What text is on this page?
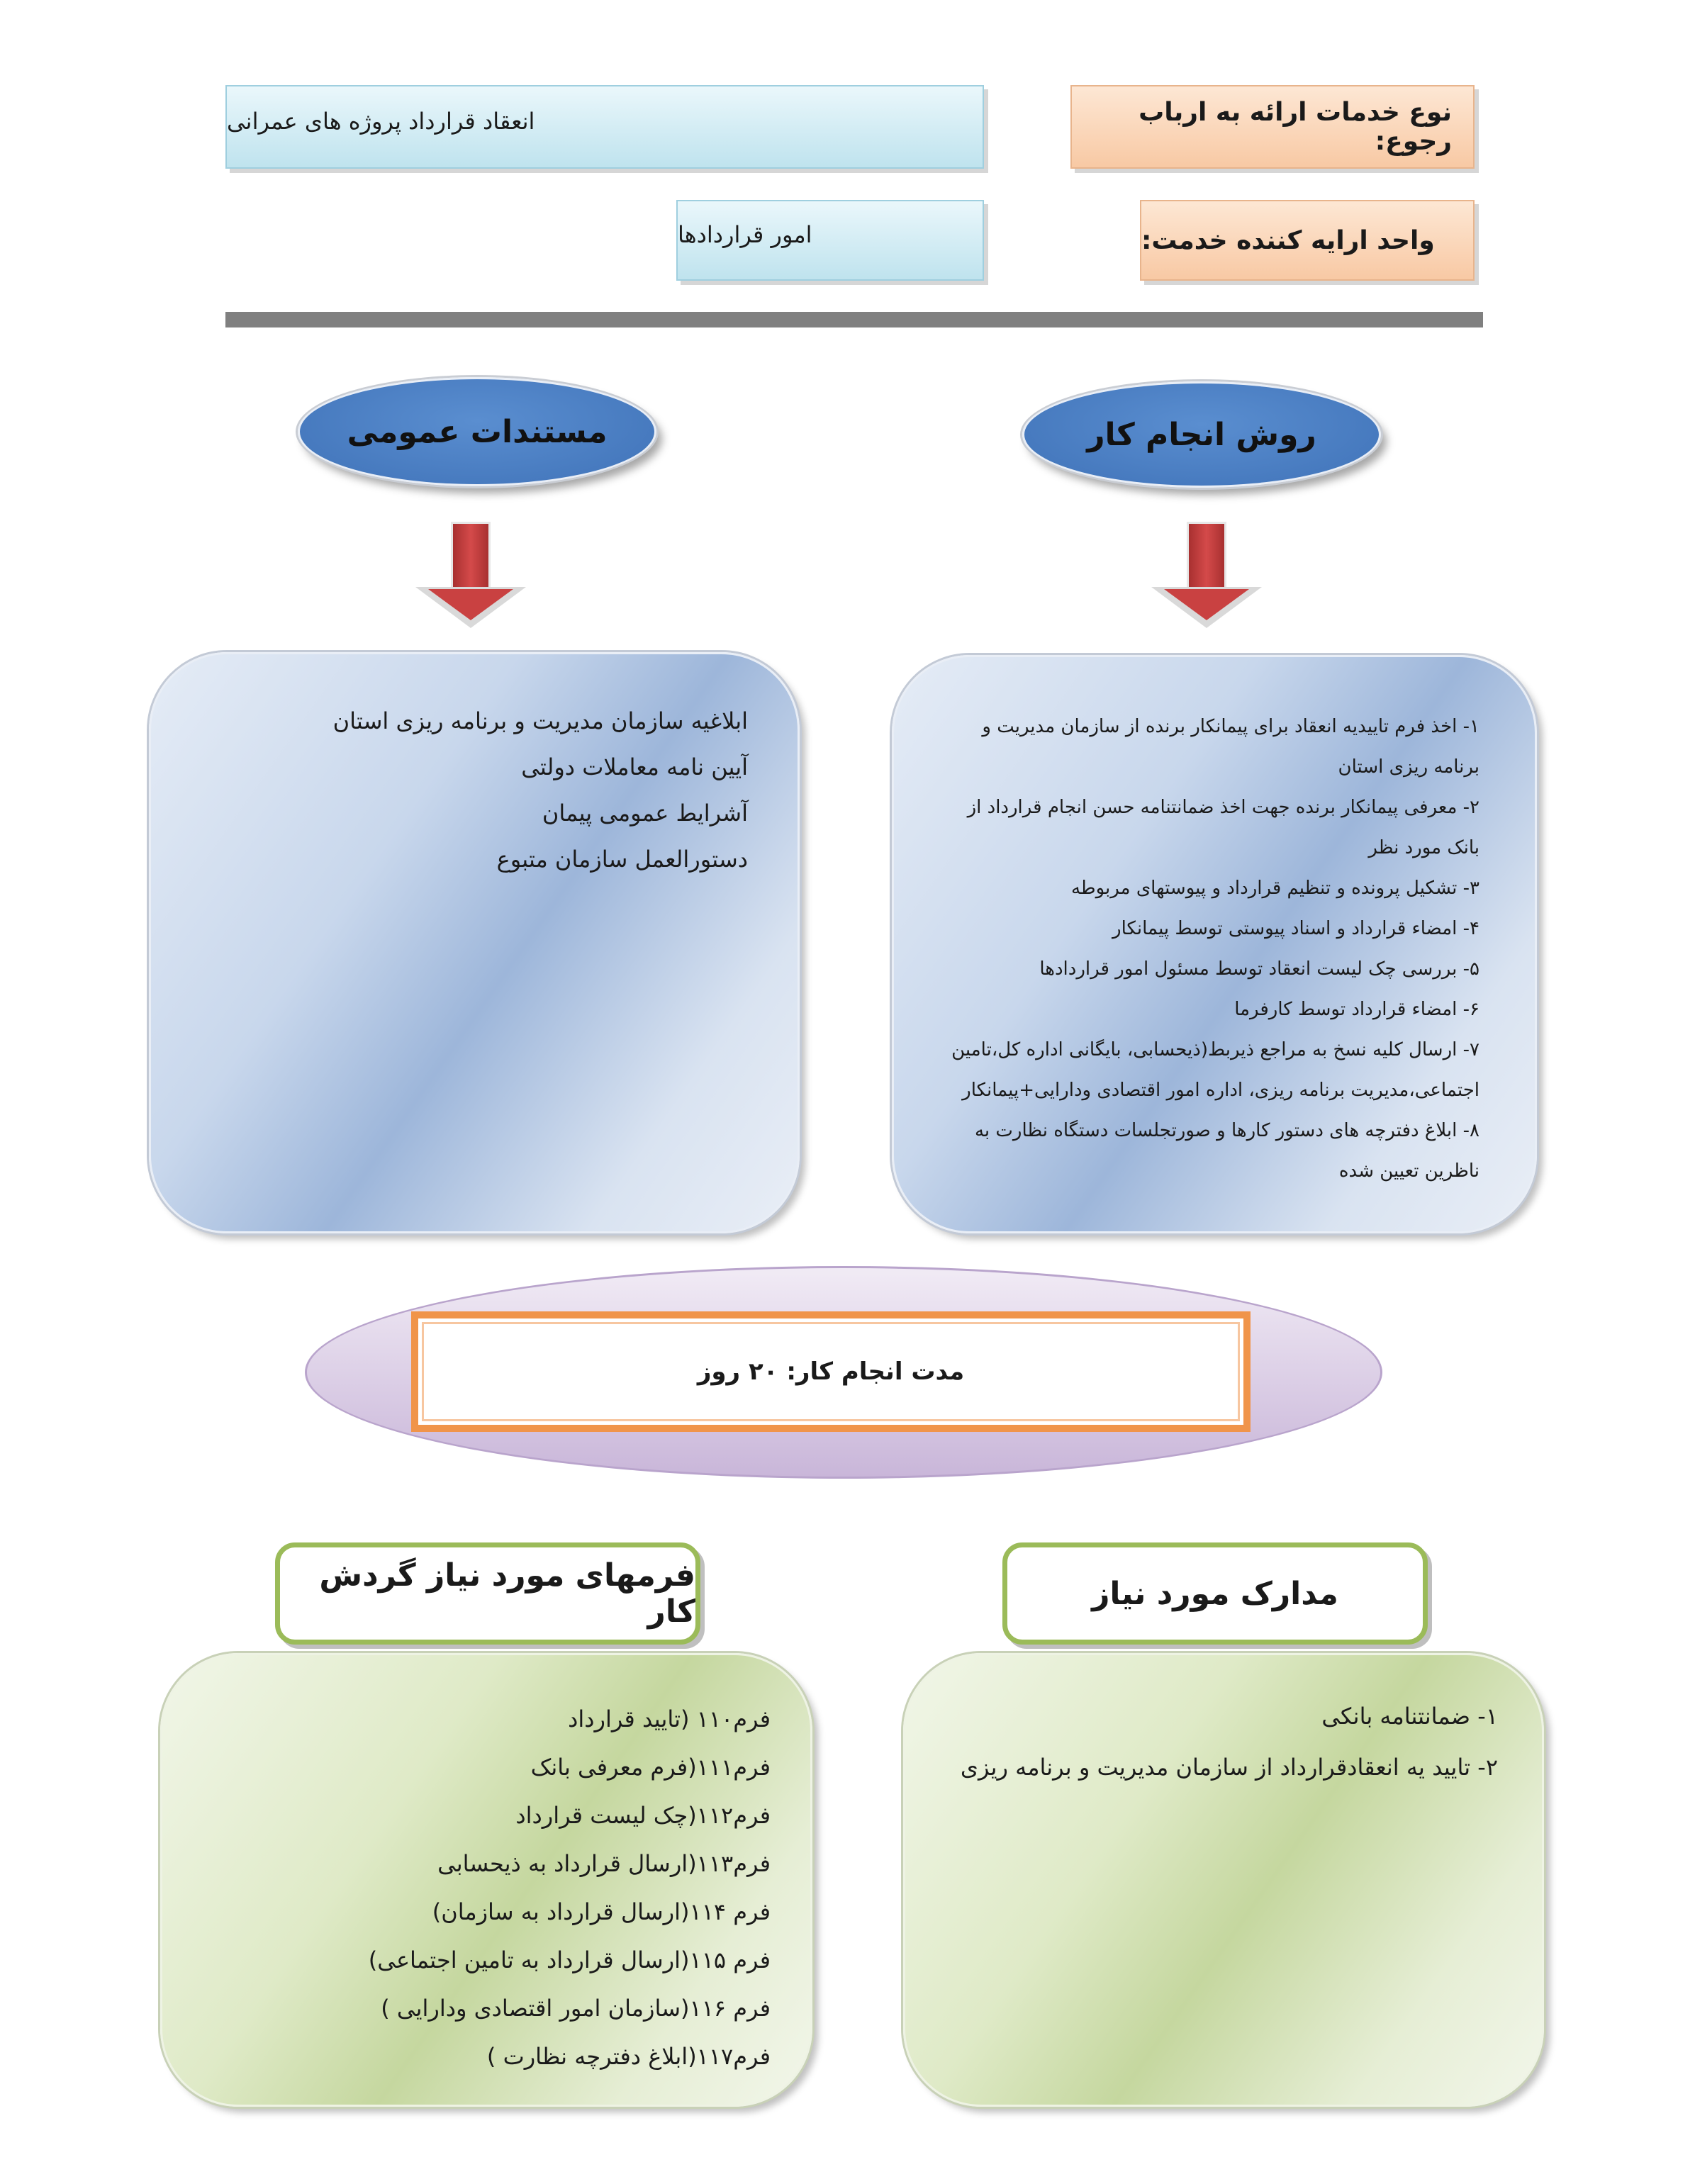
نوع خدمات ارائه به ارباب رجوع:
انعقاد قرارداد پروژه های عمرانی
واحد ارایه کننده خدمت:
امور قراردادها
روش انجام کار
مستندات عمومی
۱- اخذ فرم تاییدیه انعقاد برای پیمانکار برنده از سازمان مدیریت و
برنامه ریزی استان
۲- معرفی پیمانکار برنده جهت اخذ ضمانتنامه حسن انجام قرارداد از
بانک مورد نظر
۳- تشکیل پرونده و تنظیم قرارداد و پیوستهای مربوطه
۴- امضاء قرارداد و اسناد پیوستی توسط پیمانکار
۵- بررسی چک لیست انعقاد توسط مسئول امور قراردادها
۶- امضاء قرارداد توسط کارفرما
۷- ارسال کلیه نسخ به مراجع ذیربط(ذیحسابی، بایگانی اداره کل،تامین
اجتماعی،مدیریت برنامه ریزی، اداره امور اقتصادی ودارایی+پیمانکار
۸- ابلاغ دفترچه های دستور کارها و صورتجلسات دستگاه نظارت به
ناظرین تعیین شده
ابلاغیه سازمان مدیریت و برنامه ریزی استان
آیین نامه معاملات دولتی
آشرایط عمومی پیمان
دستورالعمل سازمان متبوع
مدت انجام کار: ۲۰ روز
مدارک مورد نیاز
فرمهای مورد نیاز گردش کار
۱- ضمانتنامه بانکی
۲- تایید یه انعقادقرارداد از سازمان مدیریت و برنامه ریزی
فرم۱۱۰ (تایید قرارداد
فرم۱۱۱(فرم معرفی بانک
فرم۱۱۲(چک لیست قرارداد
فرم۱۱۳(ارسال قرارداد به ذیحسابی
فرم ۱۱۴(ارسال قرارداد به سازمان)
فرم ۱۱۵(ارسال قرارداد به تامین اجتماعی)
فرم ۱۱۶(سازمان امور اقتصادی ودارایی )
فرم۱۱۷(ابلاغ دفترچه نظارت )
